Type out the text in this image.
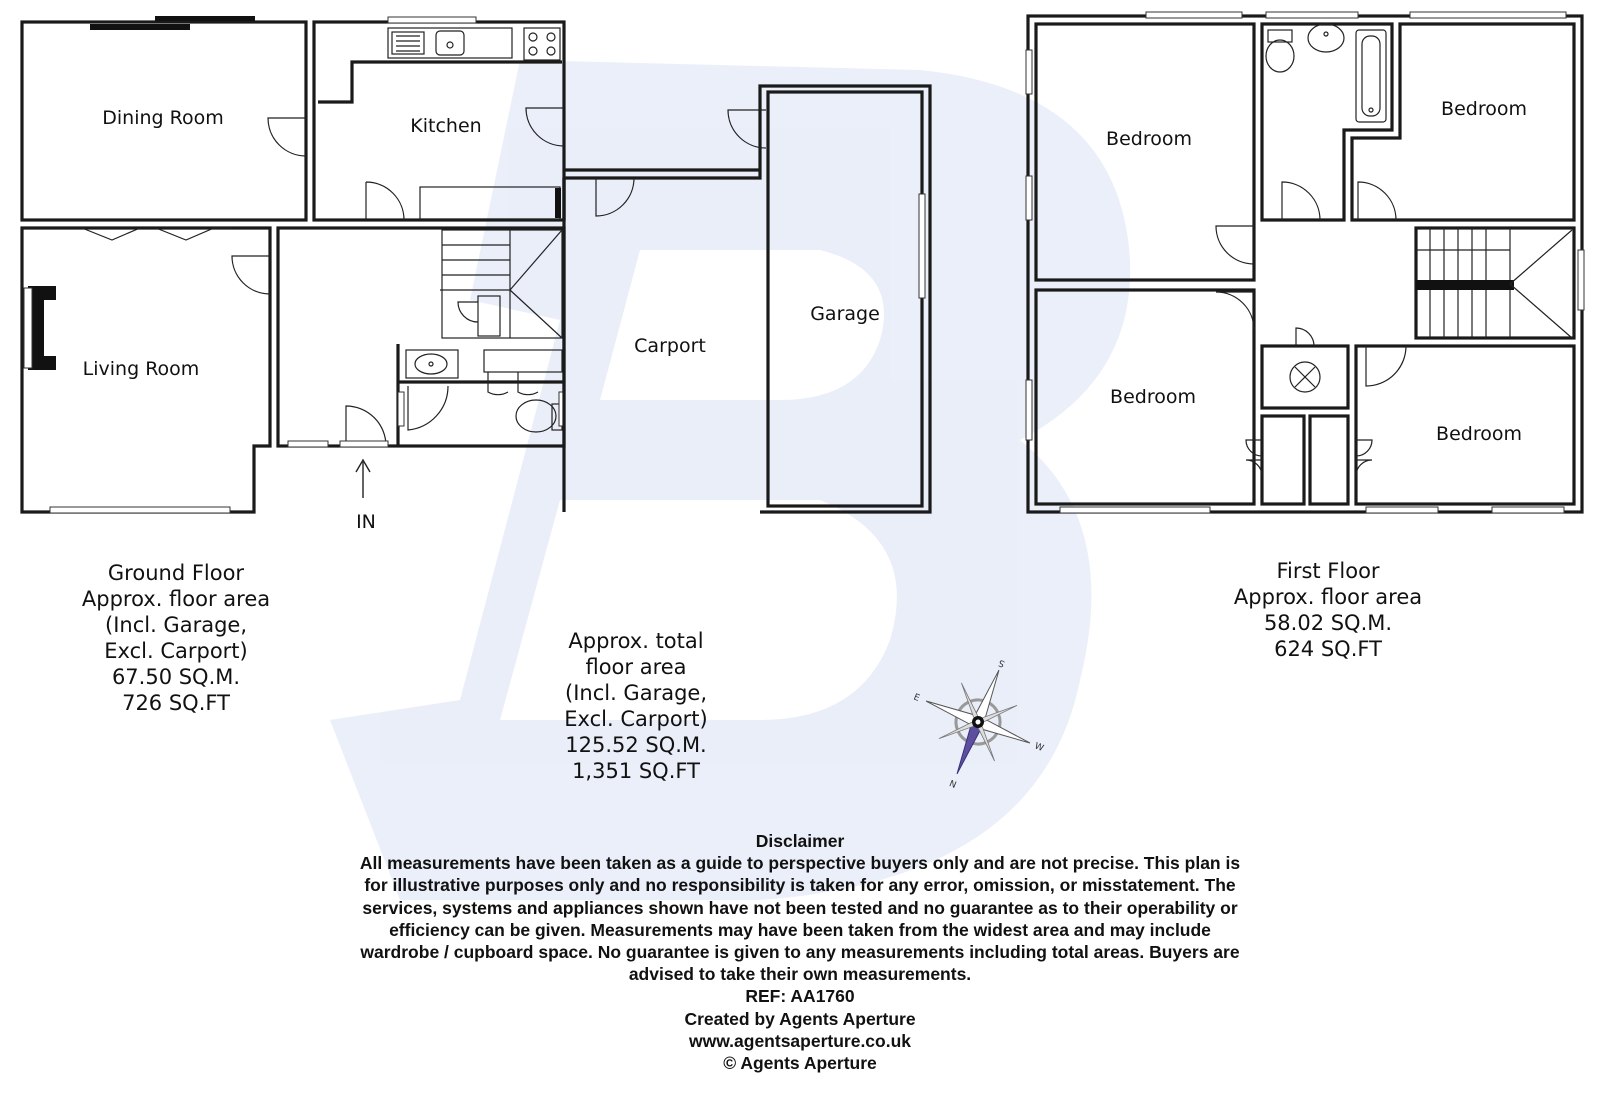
Dining Room	Kitchen
Living Room
Carport
Garage
IN
Bedroom
Bedroom
Bedroom
Bedroom
S
N
E
W
Ground Floor
Approx. floor area
(Incl. Garage,
Excl. Carport)
67.50 SQ.M.
726 SQ.FT
Approx. total
floor area
(Incl. Garage,
Excl. Carport)
125.52 SQ.M.
1,351 SQ.FT
First Floor
Approx. floor area
58.02 SQ.M.
624 SQ.FT
Disclaimer
All measurements have been taken as a guide to perspective buyers only and are not precise. This plan is
for illustrative purposes only and no responsibility is taken for any error, omission, or misstatement. The
services, systems and appliances shown have not been tested and no guarantee as to their operability or
efficiency can be given. Measurements may have been taken from the widest area and may include
wardrobe / cupboard space. No guarantee is given to any measurements including total areas. Buyers are
advised to take their own measurements.
REF: AA1760
Created by Agents Aperture
www.agentsaperture.co.uk
© Agents Aperture
